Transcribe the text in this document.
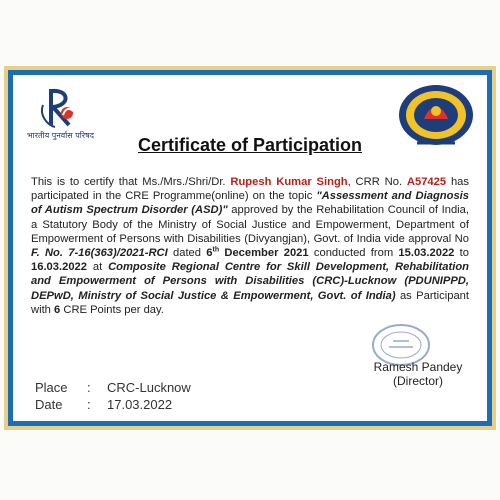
भारतीय पुनर्वास परिषद	Certificate of Participation
This is to certify that Ms./Mrs./Shri/Dr. Rupesh Kumar Singh, CRR No. A57425 has participated in the CRE Programme(online) on the topic "Assessment and Diagnosis of Autism Spectrum Disorder (ASD)" approved by the Rehabilitation Council of India, a Statutory Body of the Ministry of Social Justice and Empowerment, Department of Empowerment of Persons with Disabilities (Divyangjan), Govt. of India vide approval No F. No. 7-16(363)/2021-RCI dated 6th December 2021 conducted from 15.03.2022 to 16.03.2022 at Composite Regional Centre for Skill Development, Rehabilitation and Empowerment of Persons with Disabilities (CRC)-Lucknow (PDUNIPPD, DEPwD, Ministry of Social Justice & Empowerment, Govt. of India) as Participant with 6 CRE Points per day.
Ramesh Pandey
(Director)
Place : CRC-Lucknow
Date : 17.03.2022
